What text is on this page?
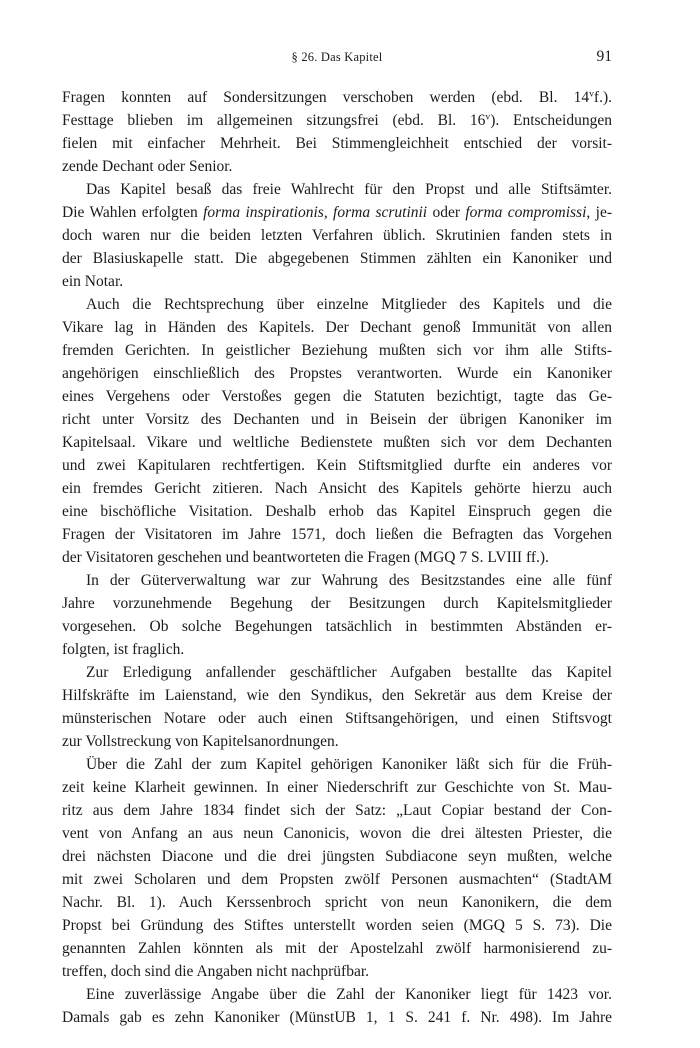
§ 26. Das Kapitel	91
Fragen konnten auf Sondersitzungen verschoben werden (ebd. Bl. 14$^v$f.).
Festtage blieben im allgemeinen sitzungsfrei (ebd. Bl. 16$^v$). Entscheidungen
fielen mit einfacher Mehrheit. Bei Stimmengleichheit entschied der vorsit-
zende Dechant oder Senior.
Das Kapitel besaß das freie Wahlrecht für den Propst und alle Stiftsämter.
Die Wahlen erfolgten forma inspirationis, forma scrutinii oder forma compromissi, je-
doch waren nur die beiden letzten Verfahren üblich. Skrutinien fanden stets in
der Blasiuskapelle statt. Die abgegebenen Stimmen zählten ein Kanoniker und
ein Notar.
Auch die Rechtsprechung über einzelne Mitglieder des Kapitels und die
Vikare lag in Händen des Kapitels. Der Dechant genoß Immunität von allen
fremden Gerichten. In geistlicher Beziehung mußten sich vor ihm alle Stifts-
angehörigen einschließlich des Propstes verantworten. Wurde ein Kanoniker
eines Vergehens oder Verstoßes gegen die Statuten bezichtigt, tagte das Ge-
richt unter Vorsitz des Dechanten und in Beisein der übrigen Kanoniker im
Kapitelsaal. Vikare und weltliche Bedienstete mußten sich vor dem Dechanten
und zwei Kapitularen rechtfertigen. Kein Stiftsmitglied durfte ein anderes vor
ein fremdes Gericht zitieren. Nach Ansicht des Kapitels gehörte hierzu auch
eine bischöfliche Visitation. Deshalb erhob das Kapitel Einspruch gegen die
Fragen der Visitatoren im Jahre 1571, doch ließen die Befragten das Vorgehen
der Visitatoren geschehen und beantworteten die Fragen (MGQ 7 S. LVIII ff.).
In der Güterverwaltung war zur Wahrung des Besitzstandes eine alle fünf
Jahre vorzunehmende Begehung der Besitzungen durch Kapitelsmitglieder
vorgesehen. Ob solche Begehungen tatsächlich in bestimmten Abständen er-
folgten, ist fraglich.
Zur Erledigung anfallender geschäftlicher Aufgaben bestallte das Kapitel
Hilfskräfte im Laienstand, wie den Syndikus, den Sekretär aus dem Kreise der
münsterischen Notare oder auch einen Stiftsangehörigen, und einen Stiftsvogt
zur Vollstreckung von Kapitelsanordnungen.
Über die Zahl der zum Kapitel gehörigen Kanoniker läßt sich für die Früh-
zeit keine Klarheit gewinnen. In einer Niederschrift zur Geschichte von St. Mau-
ritz aus dem Jahre 1834 findet sich der Satz: „Laut Copiar bestand der Con-
vent von Anfang an aus neun Canonicis, wovon die drei ältesten Priester, die
drei nächsten Diacone und die drei jüngsten Subdiacone seyn mußten, welche
mit zwei Scholaren und dem Propsten zwölf Personen ausmachten“ (StadtAM
Nachr. Bl. 1). Auch Kerssenbroch spricht von neun Kanonikern, die dem
Propst bei Gründung des Stiftes unterstellt worden seien (MGQ 5 S. 73). Die
genannten Zahlen könnten als mit der Apostelzahl zwölf harmonisierend zu-
treffen, doch sind die Angaben nicht nachprüfbar.
Eine zuverlässige Angabe über die Zahl der Kanoniker liegt für 1423 vor.
Damals gab es zehn Kanoniker (MünstUB 1, 1 S. 241 f. Nr. 498). Im Jahre
